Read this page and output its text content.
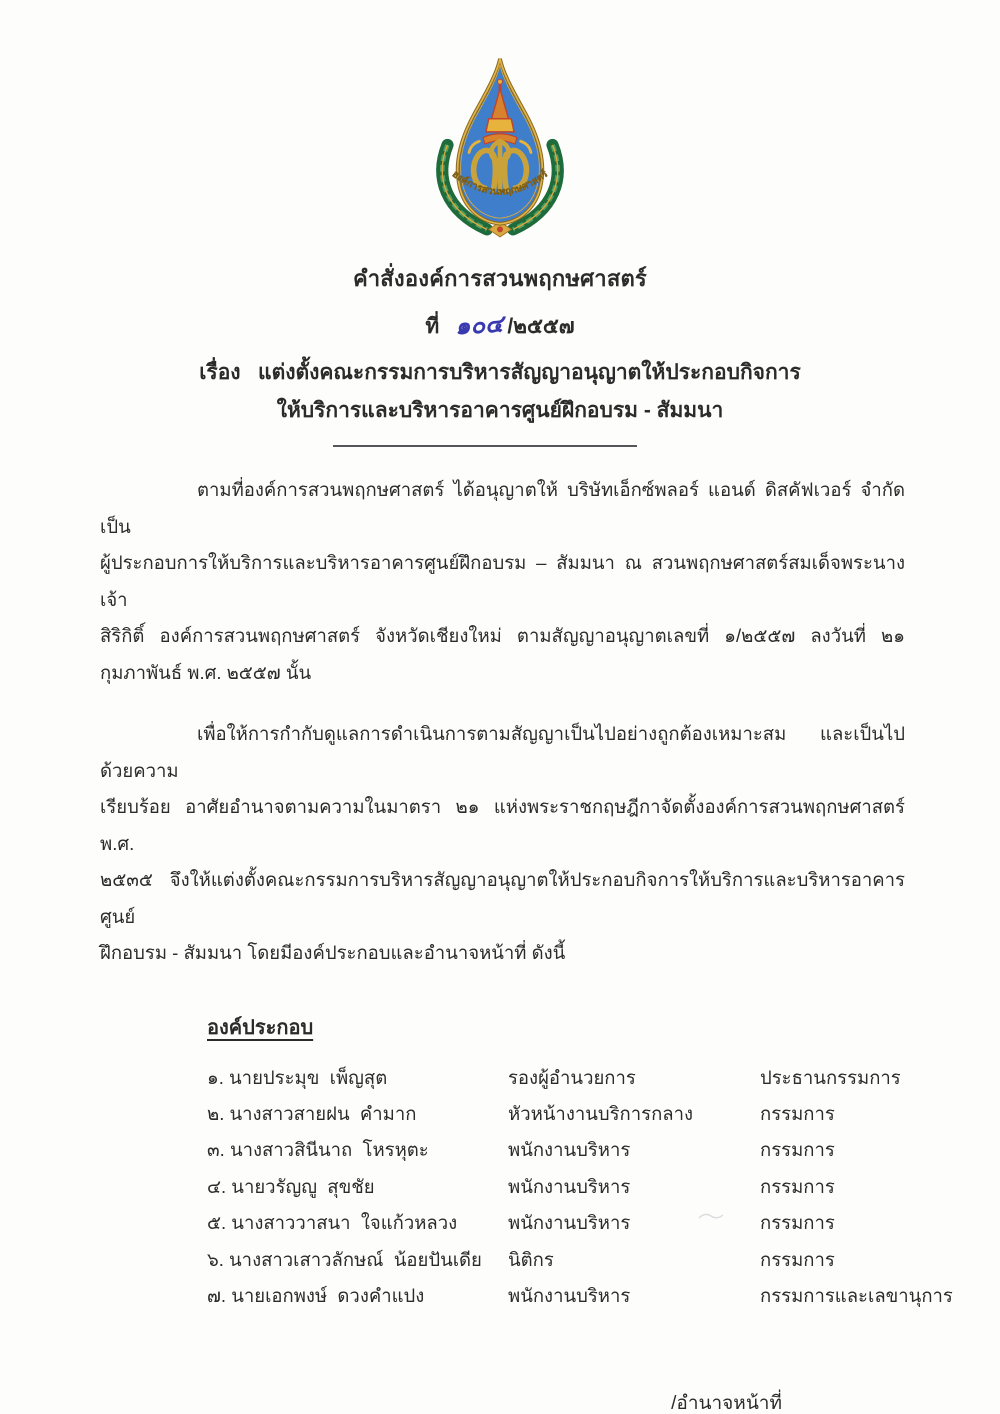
องค์การสวนพฤกษศาสตร์
คำสั่งองค์การสวนพฤกษศาสตร์
ที่ ๑๐๔ /๒๕๕๗
เรื่อง   แต่งตั้งคณะกรรมการบริหารสัญญาอนุญาตให้ประกอบกิจการ
ให้บริการและบริหารอาคารศูนย์ฝึกอบรม - สัมมนา
ตามที่องค์การสวนพฤกษศาสตร์ ได้อนุญาตให้ บริษัทเอ็กซ์พลอร์ แอนด์ ดิสคัฟเวอร์ จำกัด เป็น
ผู้ประกอบการให้บริการและบริหารอาคารศูนย์ฝึกอบรม – สัมมนา ณ สวนพฤกษศาสตร์สมเด็จพระนางเจ้า
สิริกิติ์ องค์การสวนพฤกษศาสตร์ จังหวัดเชียงใหม่ ตามสัญญาอนุญาตเลขที่ ๑/๒๕๕๗ ลงวันที่ ๒๑
กุมภาพันธ์ พ.ศ. ๒๕๕๗ นั้น
เพื่อให้การกำกับดูแลการดำเนินการตามสัญญาเป็นไปอย่างถูกต้องเหมาะสม และเป็นไปด้วยความ
เรียบร้อย อาศัยอำนาจตามความในมาตรา ๒๑ แห่งพระราชกฤษฎีกาจัดตั้งองค์การสวนพฤกษศาสตร์ พ.ศ.
๒๕๓๕ จึงให้แต่งตั้งคณะกรรมการบริหารสัญญาอนุญาตให้ประกอบกิจการให้บริการและบริหารอาคารศูนย์
ฝึกอบรม - สัมมนา โดยมีองค์ประกอบและอำนาจหน้าที่ ดังนี้
องค์ประกอบ
๑. นายประมุข  เพ็ญสุต	รองผู้อำนวยการ	ประธานกรรมการ
๒. นางสาวสายฝน  คำมาก	หัวหน้างานบริการกลาง	กรรมการ
๓. นางสาวสินีนาถ  โหรหุตะ	พนักงานบริหาร	กรรมการ
๔. นายวรัญญู  สุขชัย	พนักงานบริหาร	กรรมการ
๕. นางสาววาสนา  ใจแก้วหลวง	พนักงานบริหาร	กรรมการ
๖. นางสาวเสาวลักษณ์  น้อยปันเดีย	นิติกร	กรรมการ
๗. นายเอกพงษ์  ดวงคำแปง	พนักงานบริหาร	กรรมการและเลขานุการ
/อำนาจหน้าที่
